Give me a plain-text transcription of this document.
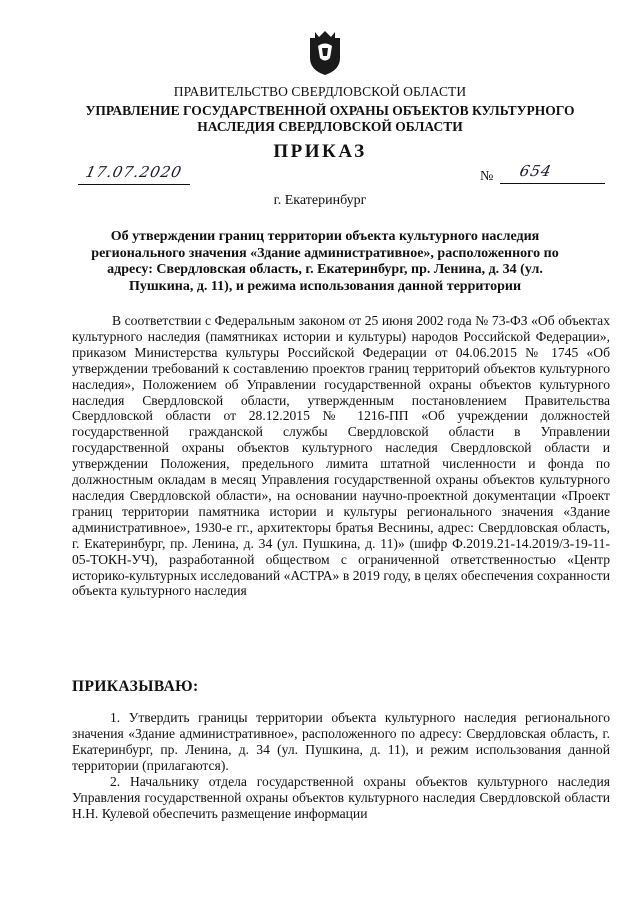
ПРАВИТЕЛЬСТВО СВЕРДЛОВСКОЙ ОБЛАСТИ
УПРАВЛЕНИЕ ГОСУДАРСТВЕННОЙ ОХРАНЫ ОБЪЕКТОВ КУЛЬТУРНОГО НАСЛЕДИЯ СВЕРДЛОВСКОЙ ОБЛАСТИ
ПРИКАЗ
17.07.2020	№ 654
г. Екатеринбург
Об утверждении границ территории объекта культурного наследия регионального значения «Здание административное», расположенного по адресу: Свердловская область, г. Екатеринбург, пр. Ленина, д. 34 (ул. Пушкина, д. 11), и режима использования данной территории
В соответствии с Федеральным законом от 25 июня 2002 года № 73-ФЗ «Об объектах культурного наследия (памятниках истории и культуры) народов Российской Федерации», приказом Министерства культуры Российской Федерации от 04.06.2015 № 1745 «Об утверждении требований к составлению проектов границ территорий объектов культурного наследия», Положением об Управлении государственной охраны объектов культурного наследия Свердловской области, утвержденным постановлением Правительства Свердловской области от 28.12.2015 № 1216-ПП «Об учреждении должностей государственной гражданской службы Свердловской области в Управлении государственной охраны объектов культурного наследия Свердловской области и утверждении Положения, предельного лимита штатной численности и фонда по должностным окладам в месяц Управления государственной охраны объектов культурного наследия Свердловской области», на основании научно-проектной документации «Проект границ территории памятника истории и культуры регионального значения «Здание административное», 1930-е гг., архитекторы братья Веснины, адрес: Свердловская область, г. Екатеринбург, пр. Ленина, д. 34 (ул. Пушкина, д. 11)» (шифр Ф.2019.21-14.2019/3-19-11-05-ТОКН-УЧ), разработанной обществом с ограниченной ответственностью «Центр историко-культурных исследований «АСТРА» в 2019 году, в целях обеспечения сохранности объекта культурного наследия
ПРИКАЗЫВАЮ:
1. Утвердить границы территории объекта культурного наследия регионального значения «Здание административное», расположенного по адресу: Свердловская область, г. Екатеринбург, пр. Ленина, д. 34 (ул. Пушкина, д. 11), и режим использования данной территории (прилагаются).
2. Начальнику отдела государственной охраны объектов культурного наследия Управления государственной охраны объектов культурного наследия Свердловской области Н.Н. Кулевой обеспечить размещение информации
